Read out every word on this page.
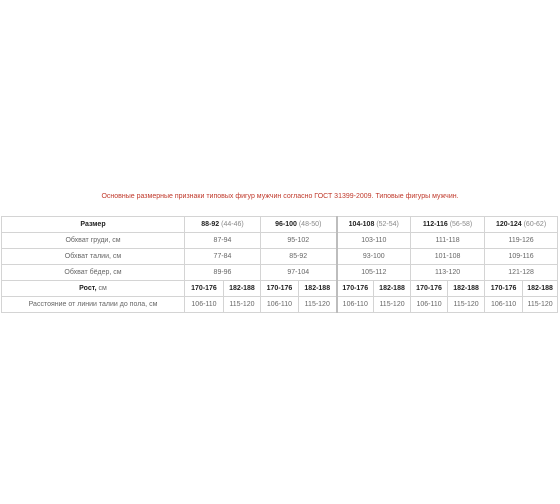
Основные размерные признаки типовых фигур мужчин согласно ГОСТ 31399-2009. Типовые фигуры мужчин.
Размер	88-92 (44-46)		96-100 (48-50)		104-108 (52-54)		112-116 (56-58)		120-124 (60-62)	
Обхват груди, см	87-94		95-102		103-110		111-118		119-126	
Обхват талии, см	77-84		85-92		93-100		101-108		109-116	
Обхват бёдер, см	89-96		97-104		105-112		113-120		121-128	
Рост, см	170-176	182-188	170-176	182-188	170-176	182-188	170-176	182-188	170-176	182-188
Расстояние от линии талии до пола, см	106-110	115-120	106-110	115-120	106-110	115-120	106-110	115-120	106-110	115-120
